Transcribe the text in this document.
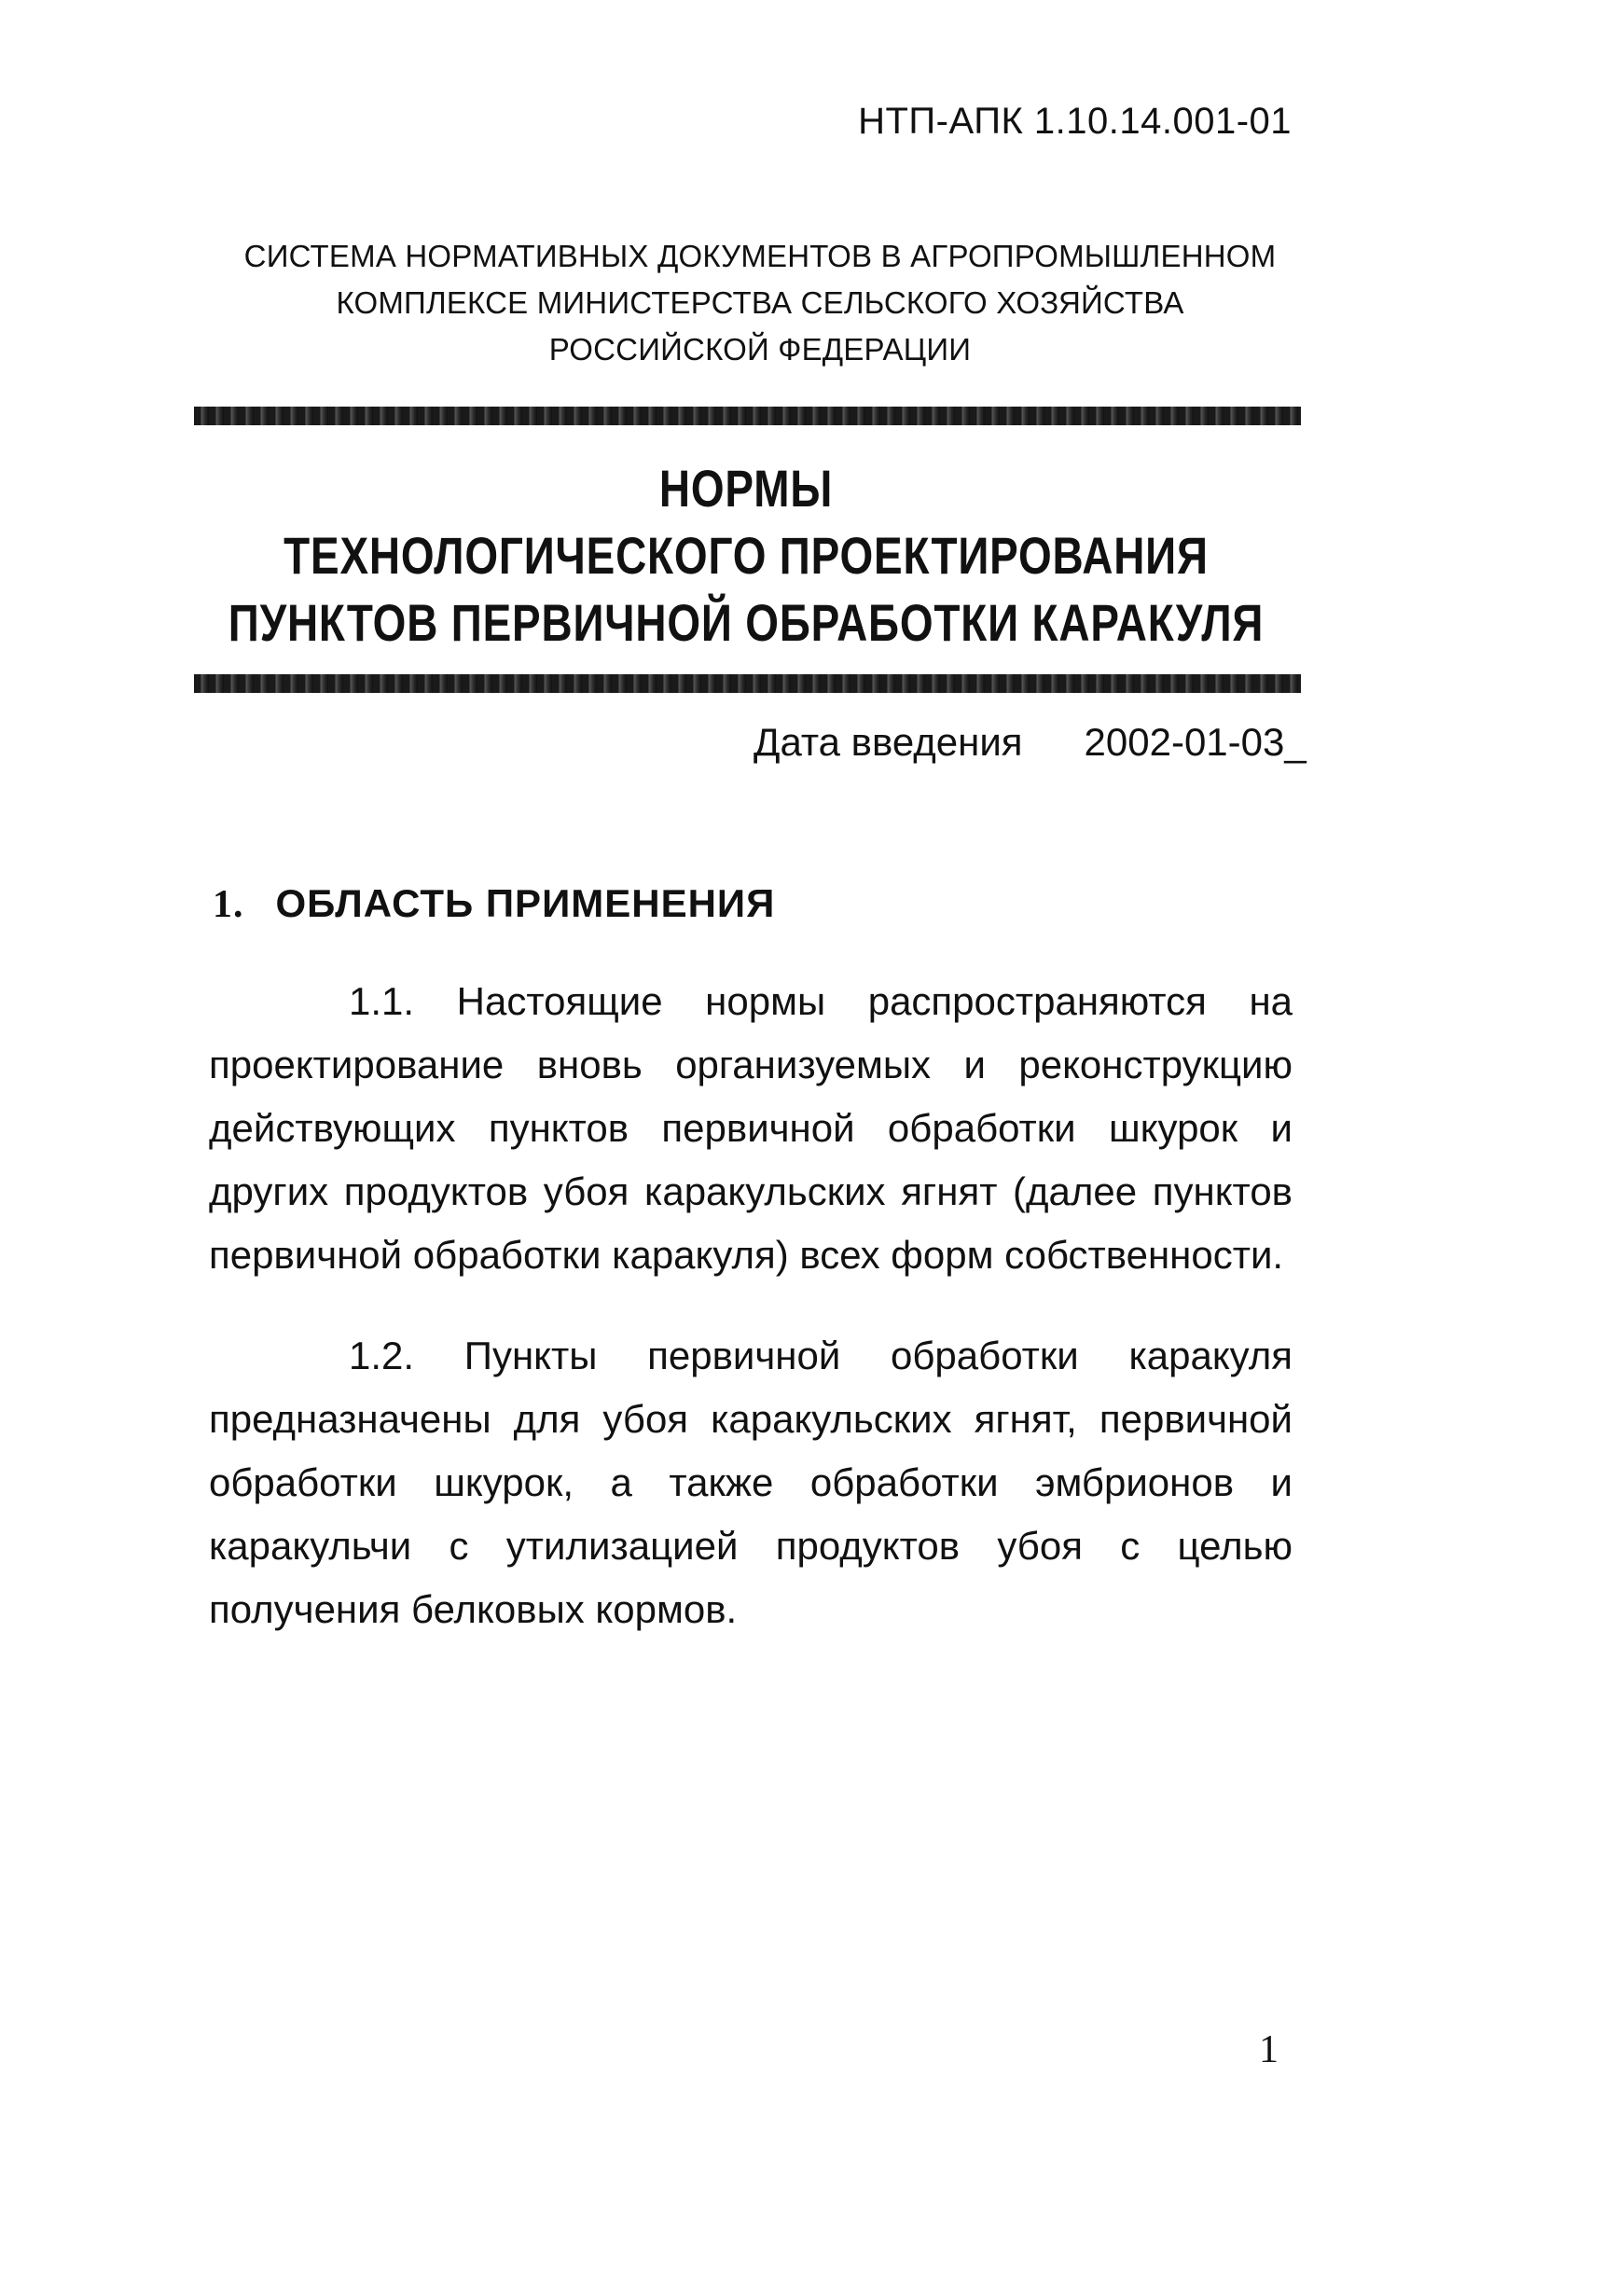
НТП-АПК 1.10.14.001-01
СИСТЕМА НОРМАТИВНЫХ ДОКУМЕНТОВ В АГРОПРОМЫШЛЕННОМ
КОМПЛЕКСЕ МИНИСТЕРСТВА СЕЛЬСКОГО ХОЗЯЙСТВА
РОССИЙСКОЙ ФЕДЕРАЦИИ
НОРМЫ
ТЕХНОЛОГИЧЕСКОГО ПРОЕКТИРОВАНИЯ
ПУНКТОВ ПЕРВИЧНОЙ ОБРАБОТКИ КАРАКУЛЯ
Дата введения 2002-01-03_
1. ОБЛАСТЬ ПРИМЕНЕНИЯ
1.1. Настоящие нормы распространяются на проектирование вновь организуемых и реконструкцию действующих пунктов первичной обработки шкурок и других продуктов убоя каракульских ягнят (далее пунктов первичной обработки каракуля) всех форм собственности.
1.2. Пункты первичной обработки каракуля предназначены для убоя каракульских ягнят, первичной обработки шкурок, а также обработки эмбрионов и каракульчи с утилизацией продуктов убоя с целью получения белковых кормов.
1
